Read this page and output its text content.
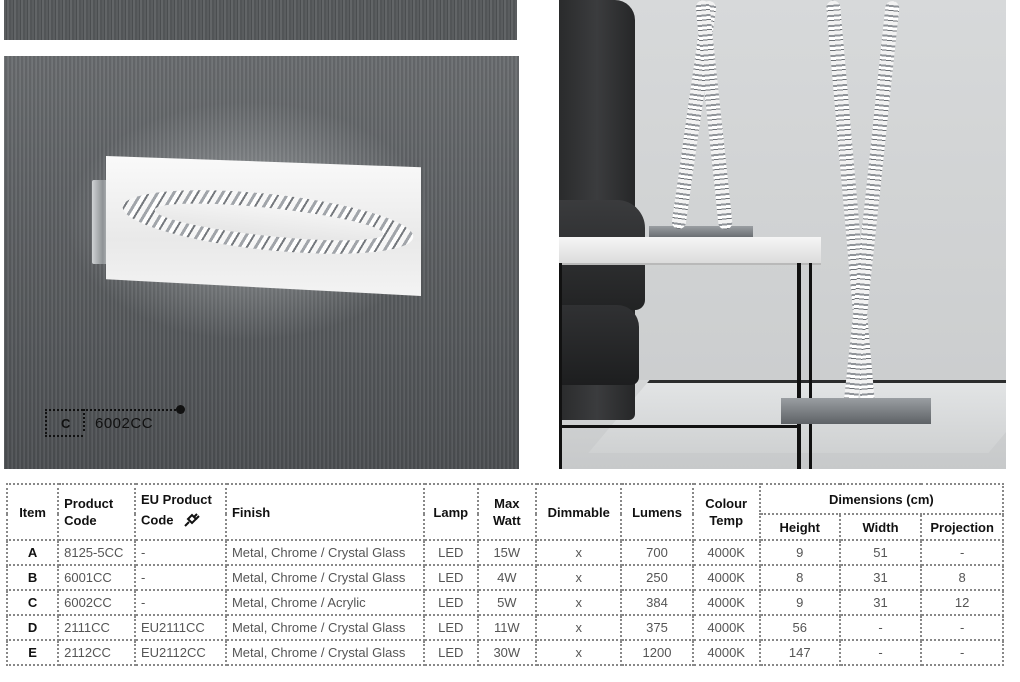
C 6002CC
Item	Product Code	EU Product Code	Finish	Lamp	Max Watt	Dimmable	Lumens	Colour Temp	Dimensions (cm)		
									Height	Width	Projection
A	8125-5CC	-	Metal, Chrome / Crystal Glass	LED	15W	x	700	4000K	9	51	-
B	6001CC	-	Metal, Chrome / Crystal Glass	LED	4W	x	250	4000K	8	31	8
C	6002CC	-	Metal, Chrome / Acrylic	LED	5W	x	384	4000K	9	31	12
D	2111CC	EU2111CC	Metal, Chrome / Crystal Glass	LED	11W	x	375	4000K	56	-	-
E	2112CC	EU2112CC	Metal, Chrome / Crystal Glass	LED	30W	x	1200	4000K	147	-	-
